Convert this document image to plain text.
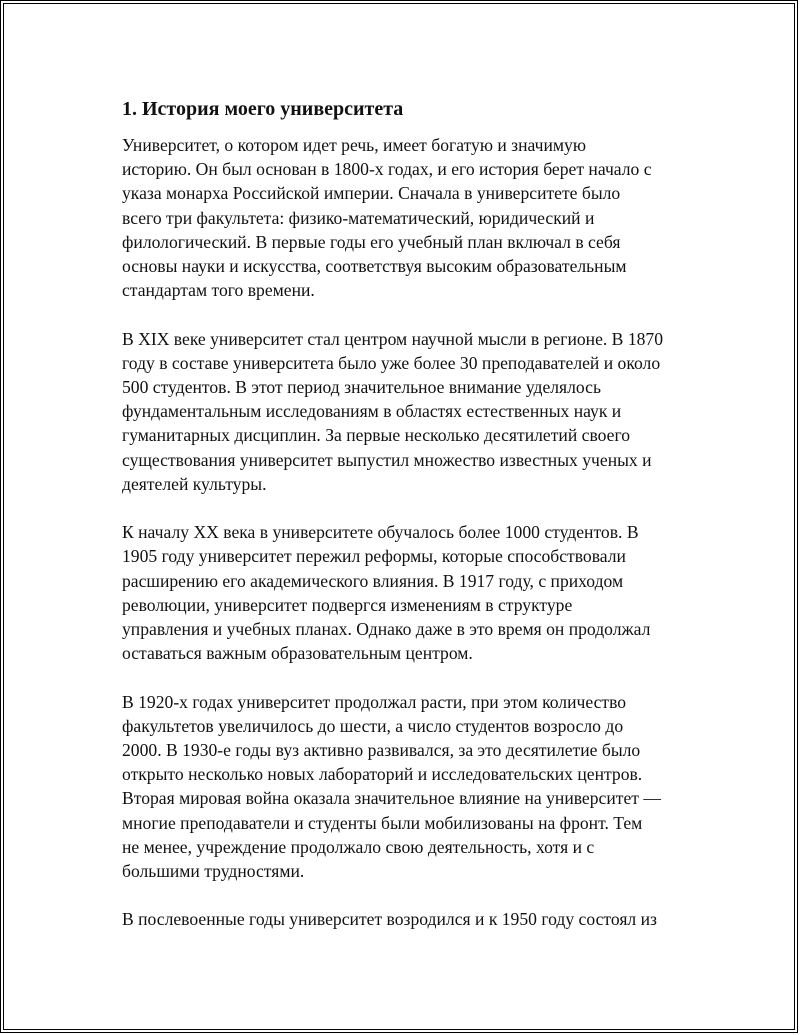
1. История моего университета
Университет, о котором идет речь, имеет богатую и значимую
историю. Он был основан в 1800-х годах, и его история берет начало с
указа монарха Российской империи. Сначала в университете было
всего три факультета: физико-математический, юридический и
филологический. В первые годы его учебный план включал в себя
основы науки и искусства, соответствуя высоким образовательным
стандартам того времени.
В XIX веке университет стал центром научной мысли в регионе. В 1870
году в составе университета было уже более 30 преподавателей и около
500 студентов. В этот период значительное внимание уделялось
фундаментальным исследованиям в областях естественных наук и
гуманитарных дисциплин. За первые несколько десятилетий своего
существования университет выпустил множество известных ученых и
деятелей культуры.
К началу XX века в университете обучалось более 1000 студентов. В
1905 году университет пережил реформы, которые способствовали
расширению его академического влияния. В 1917 году, с приходом
революции, университет подвергся изменениям в структуре
управления и учебных планах. Однако даже в это время он продолжал
оставаться важным образовательным центром.
В 1920-х годах университет продолжал расти, при этом количество
факультетов увеличилось до шести, а число студентов возросло до
2000. В 1930-е годы вуз активно развивался, за это десятилетие было
открыто несколько новых лабораторий и исследовательских центров.
Вторая мировая война оказала значительное влияние на университет —
многие преподаватели и студенты были мобилизованы на фронт. Тем
не менее, учреждение продолжало свою деятельность, хотя и с
большими трудностями.
В послевоенные годы университет возродился и к 1950 году состоял из
